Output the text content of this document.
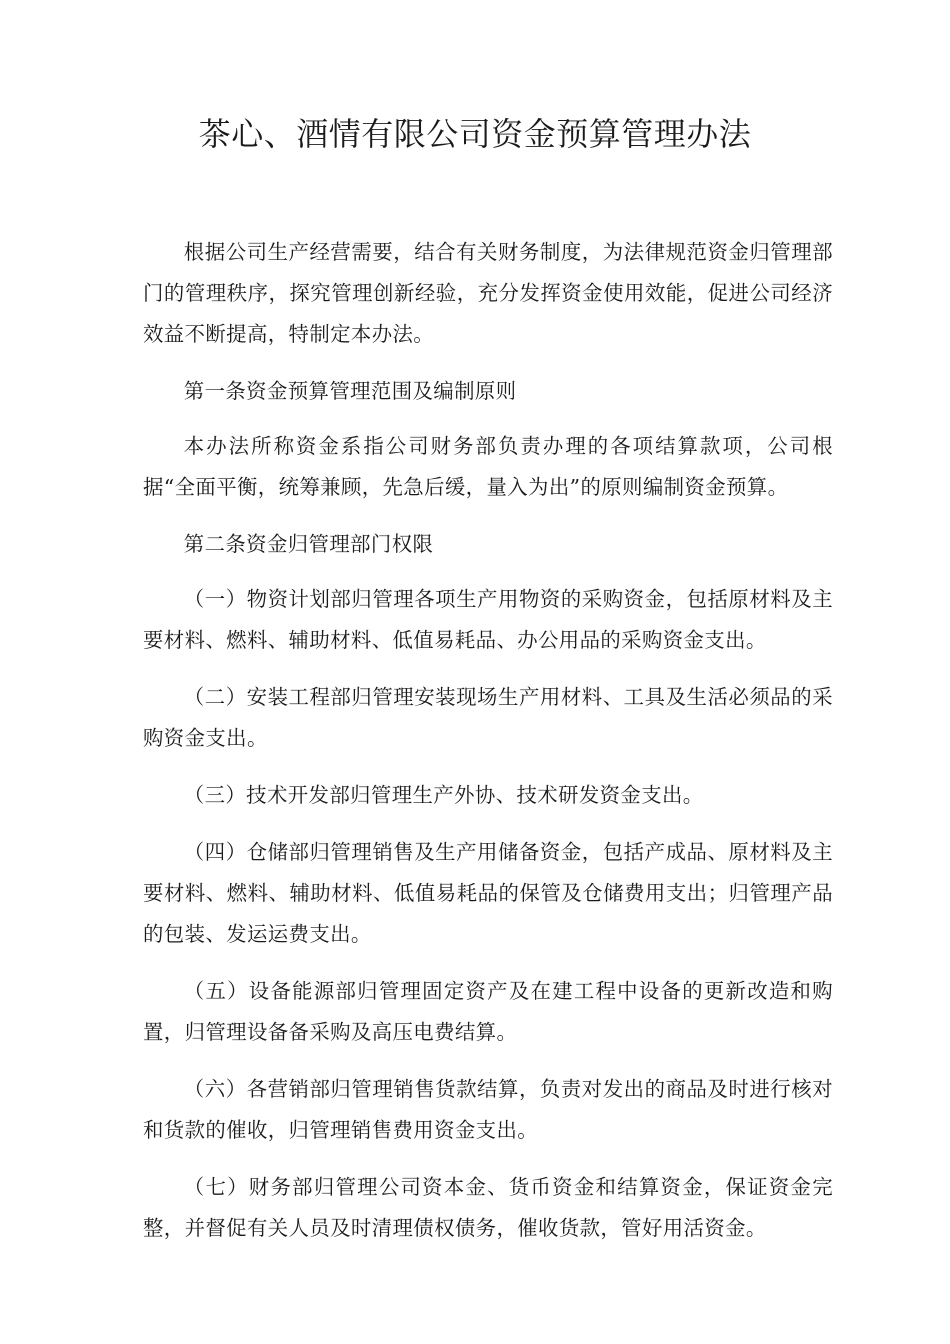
茶心、酒情有限公司资金预算管理办法

根据公司生产经营需要，结合有关财务制度，为法律规范资金归管理部门的管理秩序，探究管理创新经验，充分发挥资金使用效能，促进公司经济效益不断提高，特制定本办法。

第一条资金预算管理范围及编制原则

本办法所称资金系指公司财务部负责办理的各项结算款项，公司根据“全面平衡，统筹兼顾，先急后缓，量入为出”的原则编制资金预算。

第二条资金归管理部门权限

（一）物资计划部归管理各项生产用物资的采购资金，包括原材料及主要材料、燃料、辅助材料、低值易耗品、办公用品的采购资金支出。

（二）安装工程部归管理安装现场生产用材料、工具及生活必须品的采购资金支出。

（三）技术开发部归管理生产外协、技术研发资金支出。

（四）仓储部归管理销售及生产用储备资金，包括产成品、原材料及主要材料、燃料、辅助材料、低值易耗品的保管及仓储费用支出；归管理产品的包装、发运运费支出。

（五）设备能源部归管理固定资产及在建工程中设备的更新改造和购置，归管理设备备采购及高压电费结算。

（六）各营销部归管理销售货款结算，负责对发出的商品及时进行核对和货款的催收，归管理销售费用资金支出。

（七）财务部归管理公司资本金、货币资金和结算资金，保证资金完整，并督促有关人员及时清理债权债务，催收货款，管好用活资金。
